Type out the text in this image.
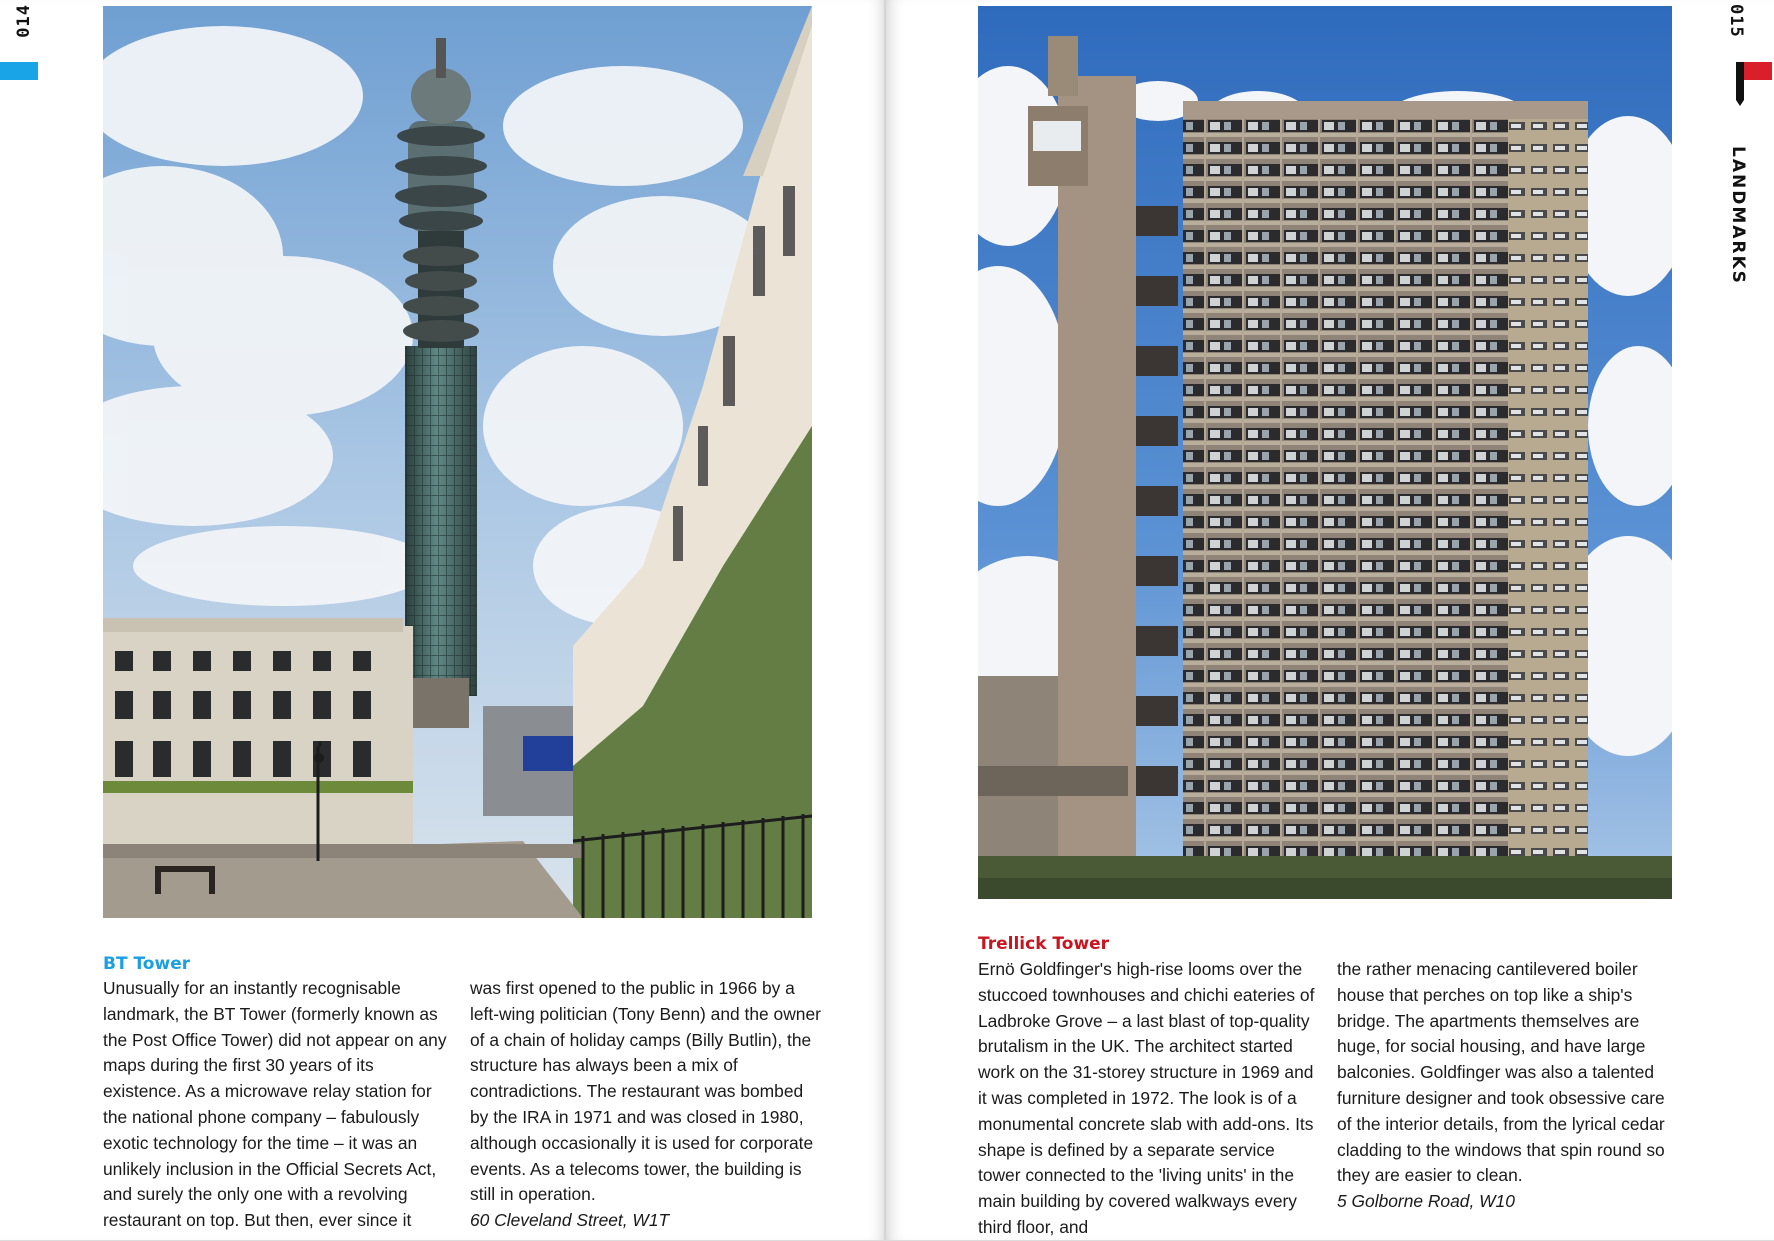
014
BT Tower

Unusually for an instantly recognisable landmark, the BT Tower (formerly known as the Post Office Tower) did not appear on any maps during the first 30 years of its existence. As a microwave relay station for the national phone company – fabulously exotic technology for the time – it was an unlikely inclusion in the Official Secrets Act, and surely the only one with a revolving restaurant on top. But then, ever since it

was first opened to the public in 1966 by a left-wing politician (Tony Benn) and the owner of a chain of holiday camps (Billy Butlin), the structure has always been a mix of contradictions. The restaurant was bombed by the IRA in 1971 and was closed in 1980, although occasionally it is used for corporate events. As a telecoms tower, the building is still in operation.

60 Cleveland Street, W1T

015
LANDMARKS
Trellick Tower

Ernö Goldfinger's high-rise looms over the stuccoed townhouses and chichi eateries of Ladbroke Grove – a last blast of top-quality brutalism in the UK. The architect started work on the 31-storey structure in 1969 and it was completed in 1972. The look is of a monumental concrete slab with add-ons. Its shape is defined by a separate service tower connected to the 'living units' in the main building by covered walkways every third floor, and

the rather menacing cantilevered boiler house that perches on top like a ship's bridge. The apartments themselves are huge, for social housing, and have large balconies. Goldfinger was also a talented furniture designer and took obsessive care of the interior details, from the lyrical cedar cladding to the windows that spin round so they are easier to clean.

5 Golborne Road, W10
